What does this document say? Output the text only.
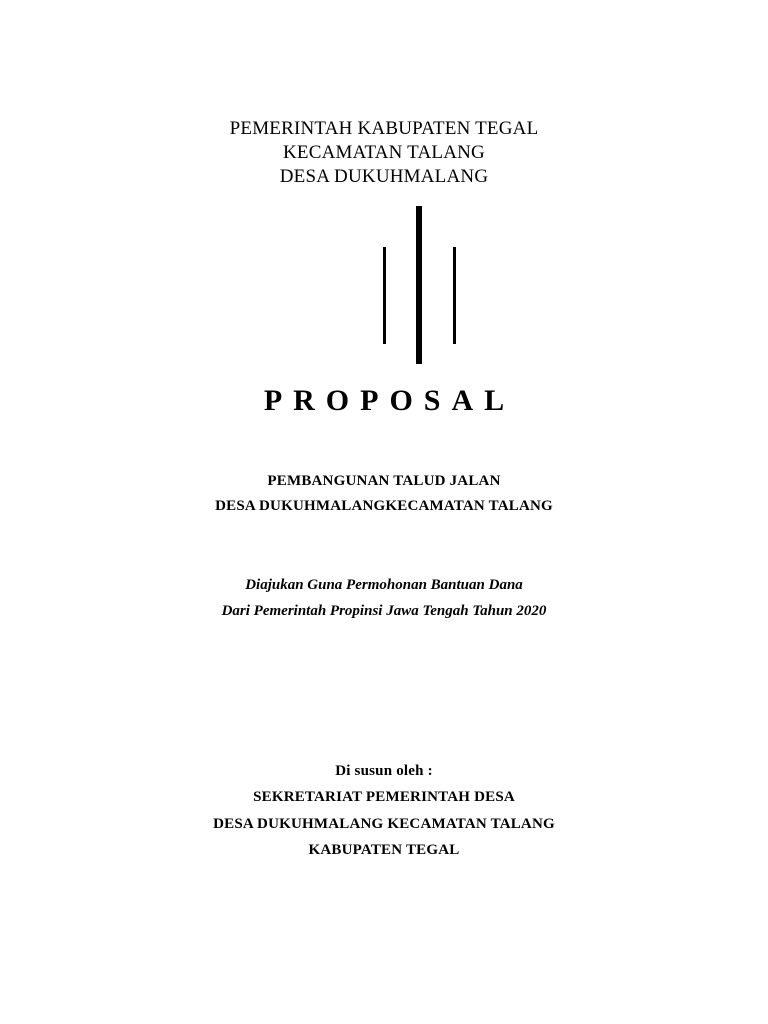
PEMERINTAH KABUPATEN TEGAL

KECAMATAN TALANG

DESA DUKUHMALANG

PROPOSAL

PEMBANGUNAN TALUD JALAN

DESA DUKUHMALANGKECAMATAN TALANG

Diajukan Guna Permohonan Bantuan Dana

Dari Pemerintah Propinsi Jawa Tengah Tahun 2020

Di susun oleh :

SEKRETARIAT PEMERINTAH DESA

DESA DUKUHMALANG KECAMATAN TALANG

KABUPATEN TEGAL
